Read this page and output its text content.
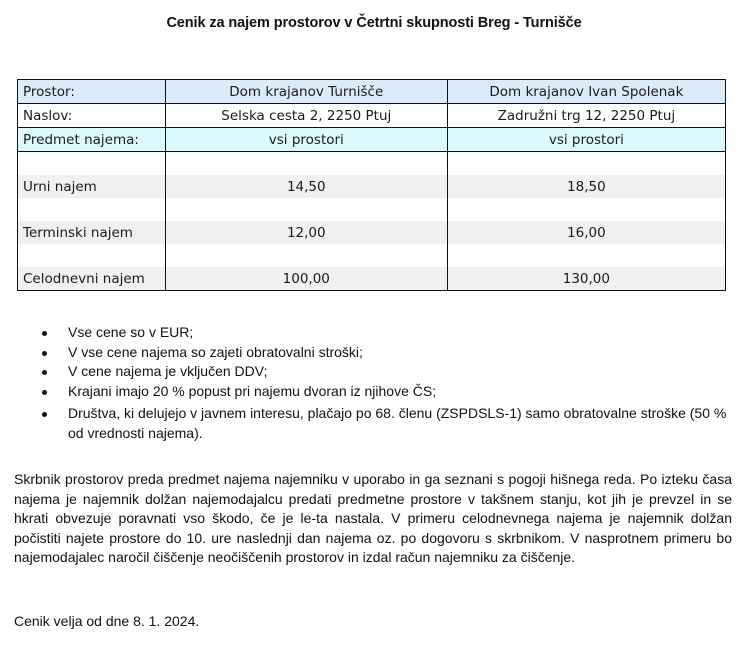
Cenik za najem prostorov v Četrtni skupnosti Breg - Turnišče
Prostor:	Dom krajanov Turnišče	Dom krajanov Ivan Spolenak
Naslov:	Selska cesta 2, 2250 Ptuj	Zadružni trg 12, 2250 Ptuj
Predmet najema:	vsi prostori	vsi prostori

Urni najem	14,50	18,50

Terminski najem	12,00	16,00

Celodnevni najem	100,00	130,00
Vse cene so v EUR;
V vse cene najema so zajeti obratovalni stroški;
V cene najema je vključen DDV;
Krajani imajo 20 % popust pri najemu dvoran iz njihove ČS;
Društva, ki delujejo v javnem interesu, plačajo po 68. členu (ZSPDSLS-1) samo obratovalne stroške (50 % od vrednosti najema).

Skrbnik prostorov preda predmet najema najemniku v uporabo in ga seznani s pogoji hišnega reda. Po izteku časa najema je najemnik dolžan najemodajalcu predati predmetne prostore v takšnem stanju, kot jih je prevzel in se hkrati obvezuje poravnati vso škodo, če je le-ta nastala. V primeru celodnevnega najema je najemnik dolžan počistiti najete prostore do 10. ure naslednji dan najema oz. po dogovoru s skrbnikom. V nasprotnem primeru bo najemodajalec naročil čiščenje neočiščenih prostorov in izdal račun najemniku za čiščenje.

Cenik velja od dne 8. 1. 2024.
